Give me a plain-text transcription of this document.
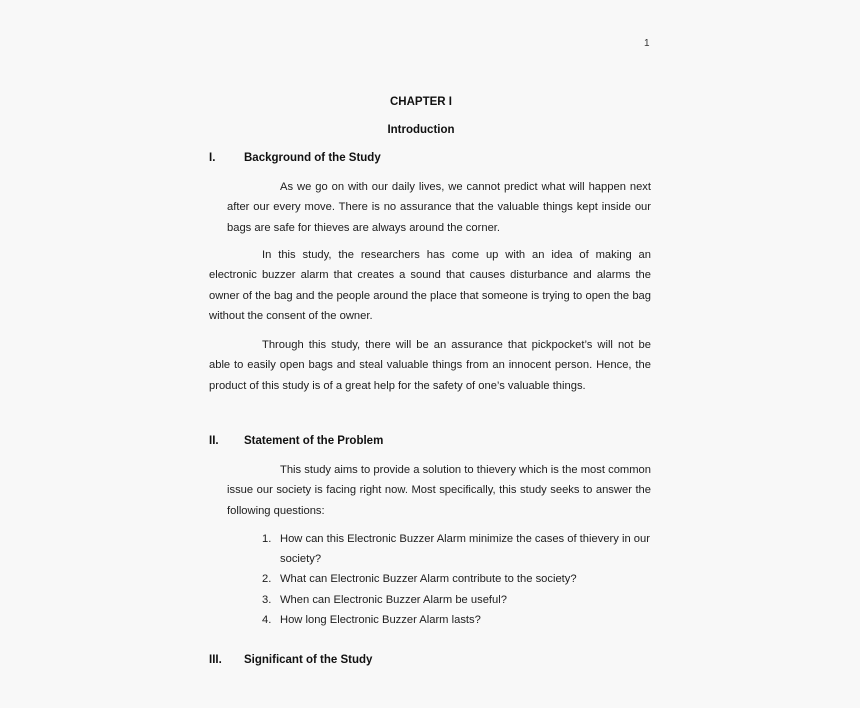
1
CHAPTER I
Introduction
I. Background of the Study

As we go on with our daily lives, we cannot predict what will happen next after our every move. There is no assurance that the valuable things kept inside our bags are safe for thieves are always around the corner.

In this study, the researchers has come up with an idea of making an electronic buzzer alarm that creates a sound that causes disturbance and alarms the owner of the bag and the people around the place that someone is trying to open the bag without the consent of the owner.

Through this study, there will be an assurance that pickpocket’s will not be able to easily open bags and steal valuable things from an innocent person. Hence, the product of this study is of a great help for the safety of one’s valuable things.

II. Statement of the Problem

This study aims to provide a solution to thievery which is the most common issue our society is facing right now. Most specifically, this study seeks to answer the following questions:

1. How can this Electronic Buzzer Alarm minimize the cases of thievery in our society?
2. What can Electronic Buzzer Alarm contribute to the society?
3. When can Electronic Buzzer Alarm be useful?
4. How long Electronic Buzzer Alarm lasts?
III. Significant of the Study
